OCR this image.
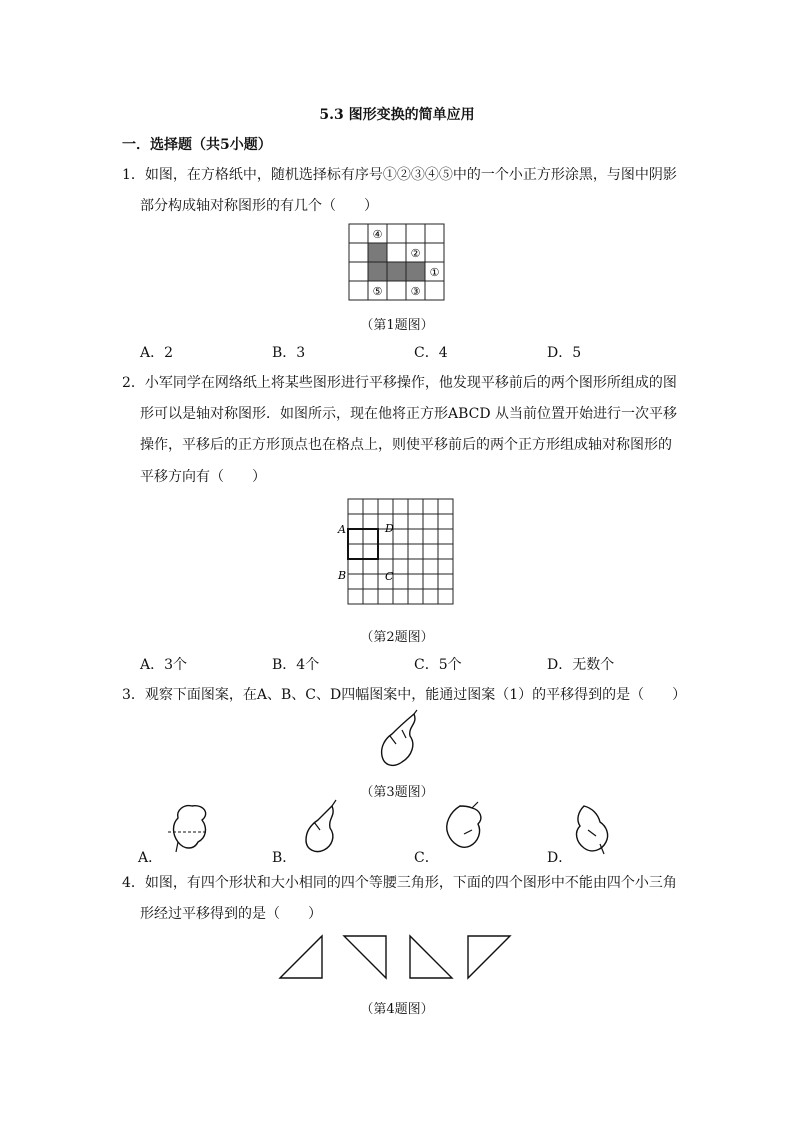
5.3 图形变换的简单应用
一．选择题（共5小题）
1．如图，在方格纸中，随机选择标有序号①②③④⑤中的一个小正方形涂黑，与图中阴影
部分构成轴对称图形的有几个（　　）
④
②
①
⑤	③
（第1题图）
A．2	B．3	C．4	D．5
2．小军同学在网络纸上将某些图形进行平移操作，他发现平移前后的两个图形所组成的图
形可以是轴对称图形．如图所示，现在他将正方形ABCD 从当前位置开始进行一次平移
操作，平移后的正方形顶点也在格点上，则使平移前后的两个正方形组成轴对称图形的
平移方向有（　　）
A
B	C
D
（第2题图）
A．3个	B．4个	C．5个	D．无数个
3．观察下面图案，在A、B、C、D四幅图案中，能通过图案（1）的平移得到的是（　　）
（第3题图）
A．	B．	C．	D．
4．如图，有四个形状和大小相同的四个等腰三角形，下面的四个图形中不能由四个小三角
形经过平移得到的是（　　）
（第4题图）
